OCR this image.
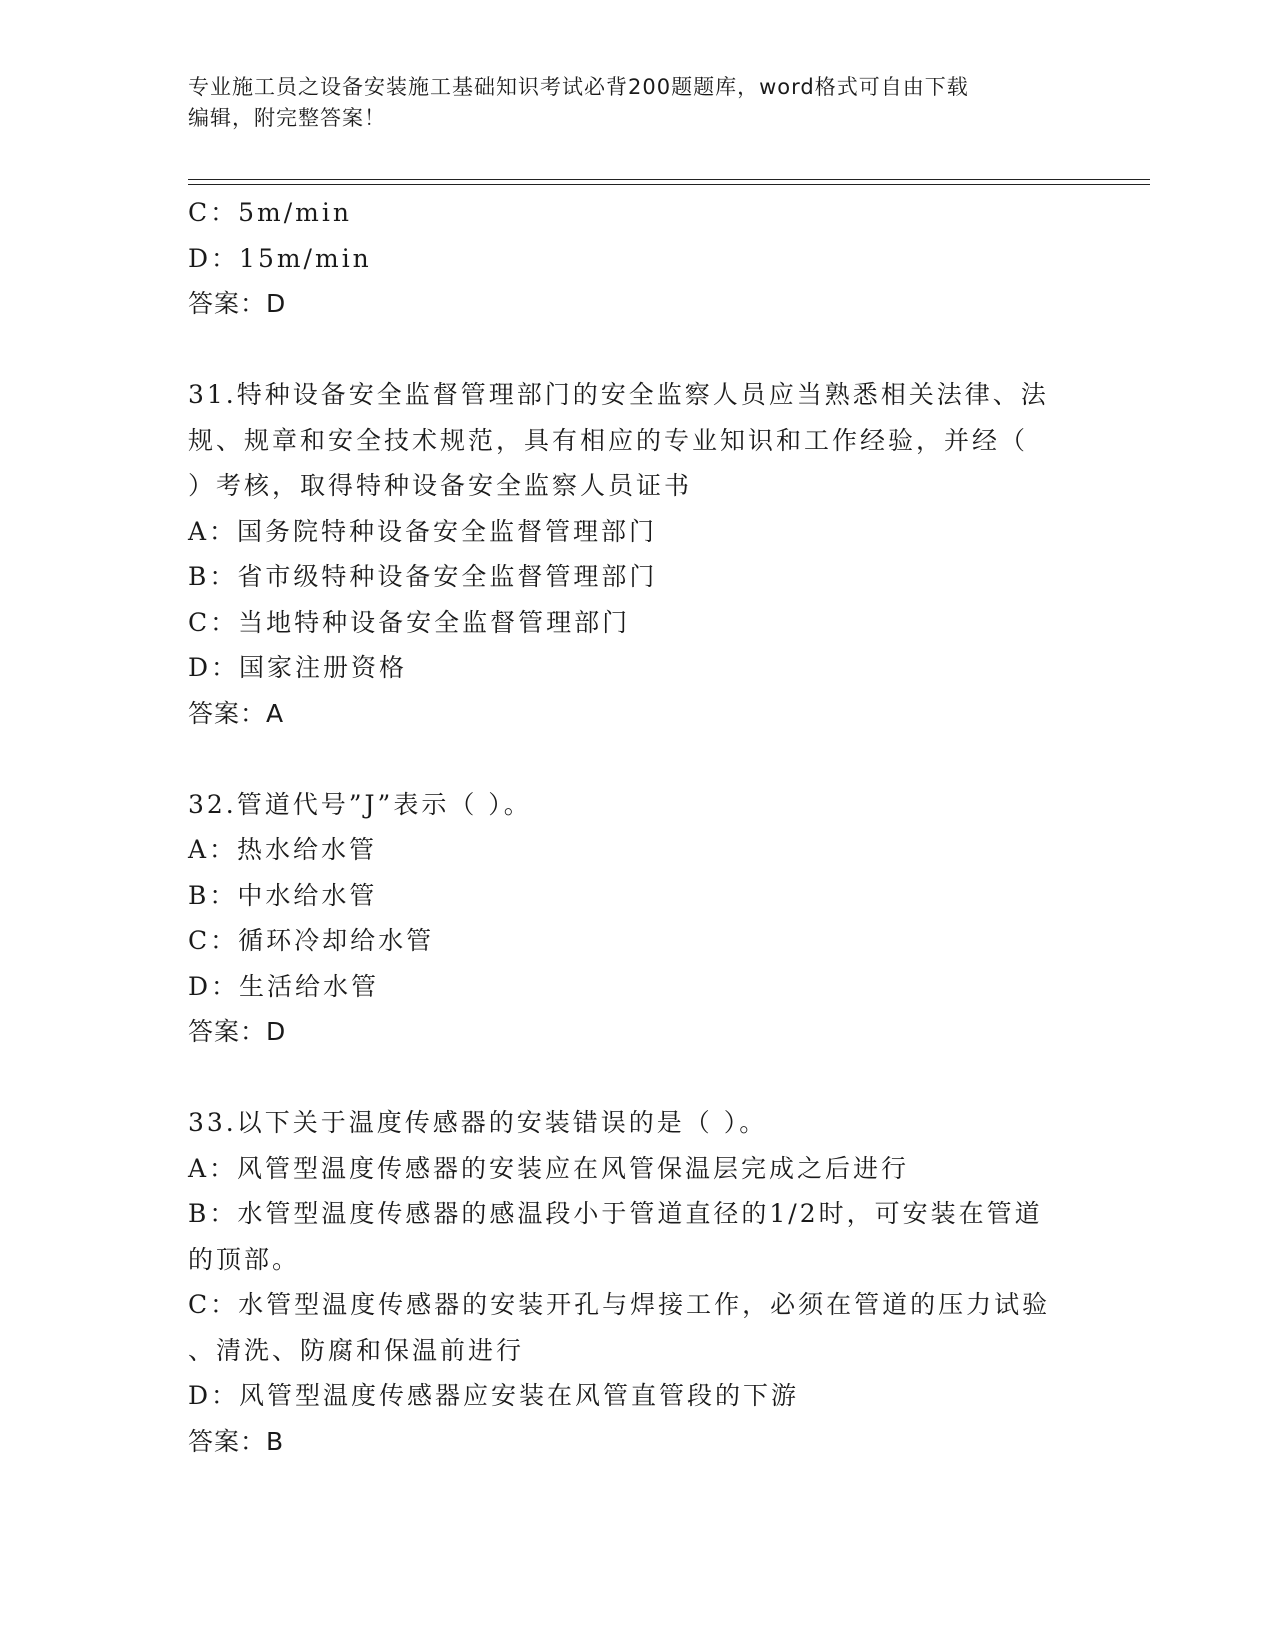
专业施工员之设备安装施工基础知识考试必背200题题库，word格式可自由下载
编辑，附完整答案！
C：5m/min
D：15m/min
答案：D
31.特种设备安全监督管理部门的安全监察人员应当熟悉相关法律、法
规、规章和安全技术规范，具有相应的专业知识和工作经验，并经（
）考核，取得特种设备安全监察人员证书
A：国务院特种设备安全监督管理部门
B：省市级特种设备安全监督管理部门
C：当地特种设备安全监督管理部门
D：国家注册资格
答案：A
32.管道代号”J”表示（ ）。
A：热水给水管
B：中水给水管
C：循环冷却给水管
D：生活给水管
答案：D
33.以下关于温度传感器的安装错误的是（ ）。
A：风管型温度传感器的安装应在风管保温层完成之后进行
B：水管型温度传感器的感温段小于管道直径的1/2时，可安装在管道
的顶部。
C：水管型温度传感器的安装开孔与焊接工作，必须在管道的压力试验
、清洗、防腐和保温前进行
D：风管型温度传感器应安装在风管直管段的下游
答案：B
